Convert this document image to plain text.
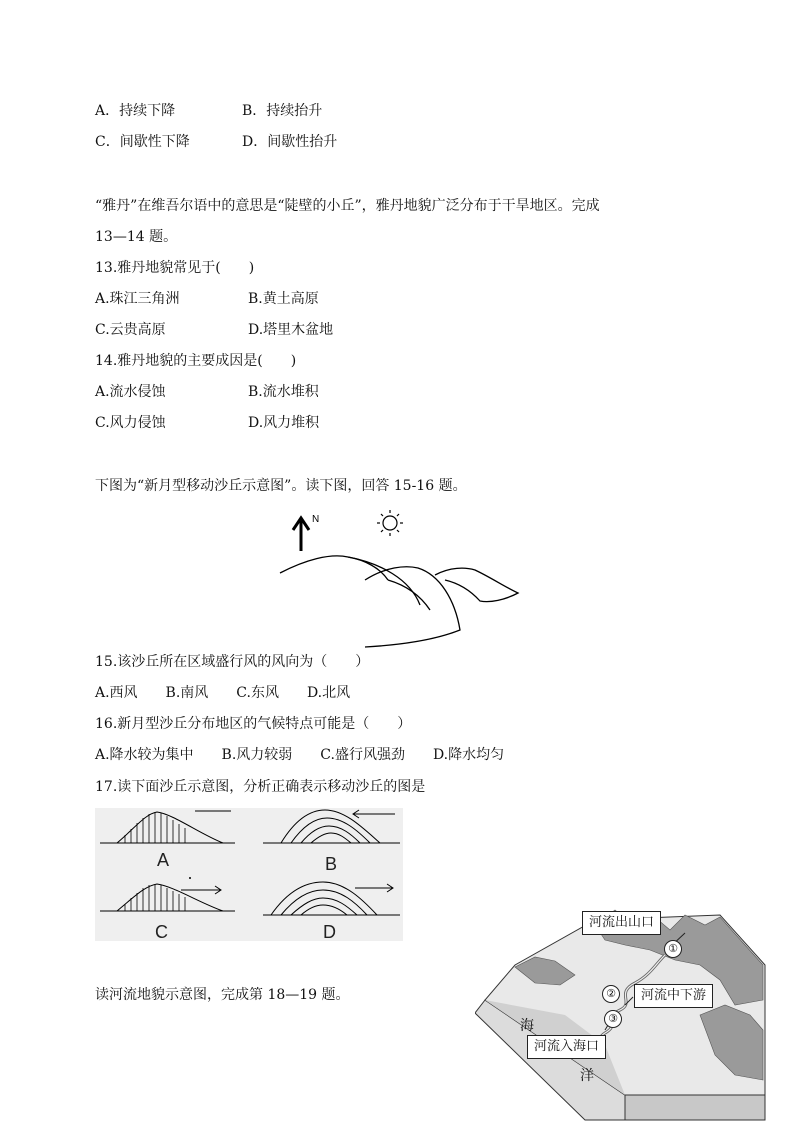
A．持续下降	B．持续抬升
C．间歇性下降	D．间歇性抬升
“雅丹”在维吾尔语中的意思是“陡壁的小丘”，雅丹地貌广泛分布于干旱地区。完成
13—14 题。
13.雅丹地貌常见于(　　)
A.珠江三角洲	B.黄土高原
C.云贵高原	D.塔里木盆地
14.雅丹地貌的主要成因是(　　)
A.流水侵蚀	B.流水堆积
C.风力侵蚀	D.风力堆积
下图为“新月型移动沙丘示意图”。读下图，回答 15-16 题。
N
15.该沙丘所在区域盛行风的风向为（　　）
A.西风　　B.南风　　C.东风　　D.北风
16.新月型沙丘分布地区的气候特点可能是（　　）
A.降水较为集中　　B.风力较弱　　C.盛行风强劲　　D.降水均匀
17.读下面沙丘示意图，分析正确表示移动沙丘的图是
A	B
C	D
读河流地貌示意图，完成第 18—19 题。
河流出山口
①
②	河流中下游
③
河流入海口
海
洋
